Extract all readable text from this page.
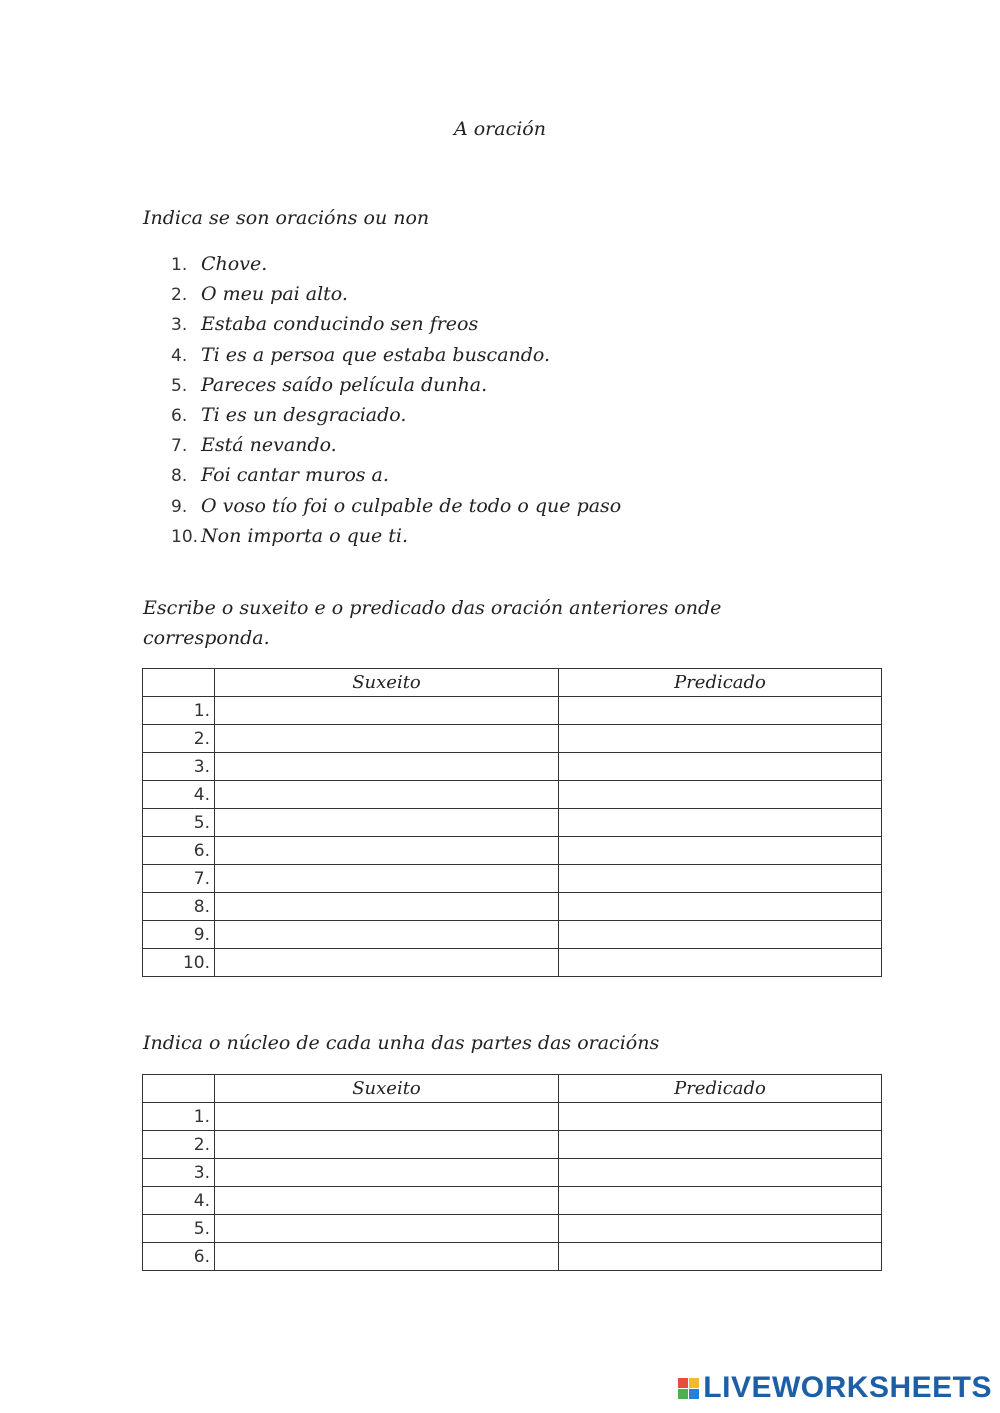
A oración
Indica se son oracións ou non
1. Chove.
2. O meu pai alto.
3. Estaba conducindo sen freos
4. Ti es a persoa que estaba buscando.
5. Pareces saído película dunha.
6. Ti es un desgraciado.
7. Está nevando.
8. Foi cantar muros a.
9. O voso tío foi o culpable de todo o que paso
10. Non importa o que ti.
Escribe o suxeito e o predicado das oración anteriores onde corresponda.
	Suxeito	Predicado
1.		
2.		
3.		
4.		
5.		
6.		
7.		
8.		
9.		
10.		
Indica o núcleo de cada unha das partes das oracións
	Suxeito	Predicado
1.		
2.		
3.		
4.		
5.		
6.		
LIVEWORKSHEETS
